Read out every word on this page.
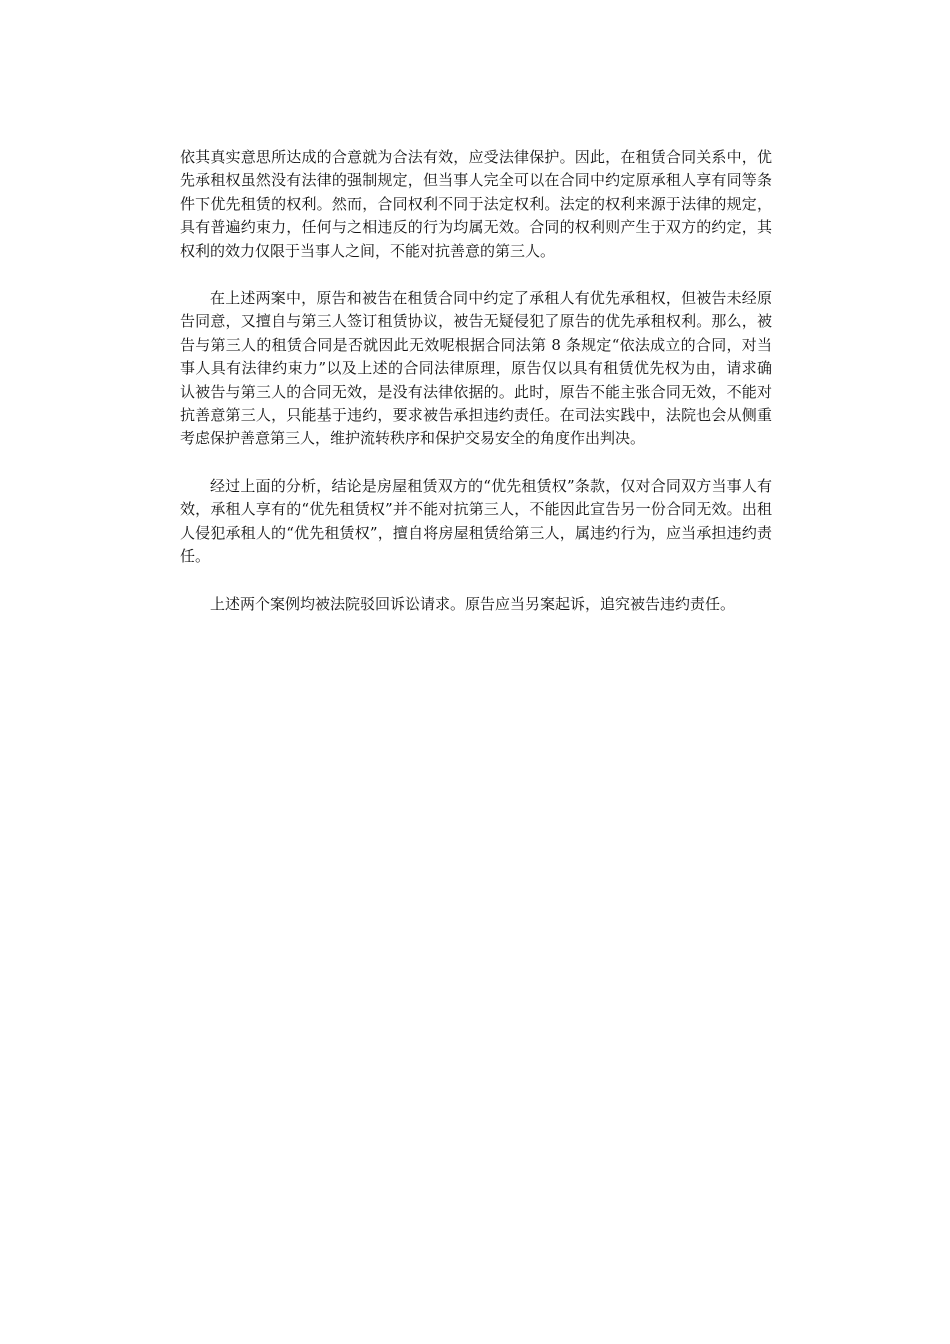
依其真实意思所达成的合意就为合法有效，应受法律保护。因此，在租赁合同关系中，优先承租权虽然没有法律的强制规定，但当事人完全可以在合同中约定原承租人享有同等条件下优先租赁的权利。然而，合同权利不同于法定权利。法定的权利来源于法律的规定，具有普遍约束力，任何与之相违反的行为均属无效。合同的权利则产生于双方的约定，其权利的效力仅限于当事人之间，不能对抗善意的第三人。

在上述两案中，原告和被告在租赁合同中约定了承租人有优先承租权，但被告未经原告同意，又擅自与第三人签订租赁协议，被告无疑侵犯了原告的优先承租权利。那么，被告与第三人的租赁合同是否就因此无效呢根据合同法第 8 条规定“依法成立的合同，对当事人具有法律约束力”以及上述的合同法律原理，原告仅以具有租赁优先权为由，请求确认被告与第三人的合同无效，是没有法律依据的。此时，原告不能主张合同无效，不能对抗善意第三人，只能基于违约，要求被告承担违约责任。在司法实践中，法院也会从侧重考虑保护善意第三人，维护流转秩序和保护交易安全的角度作出判决。

经过上面的分析，结论是房屋租赁双方的“优先租赁权”条款，仅对合同双方当事人有效，承租人享有的“优先租赁权”并不能对抗第三人，不能因此宣告另一份合同无效。出租人侵犯承租人的“优先租赁权”，擅自将房屋租赁给第三人，属违约行为，应当承担违约责任。

上述两个案例均被法院驳回诉讼请求。原告应当另案起诉，追究被告违约责任。
